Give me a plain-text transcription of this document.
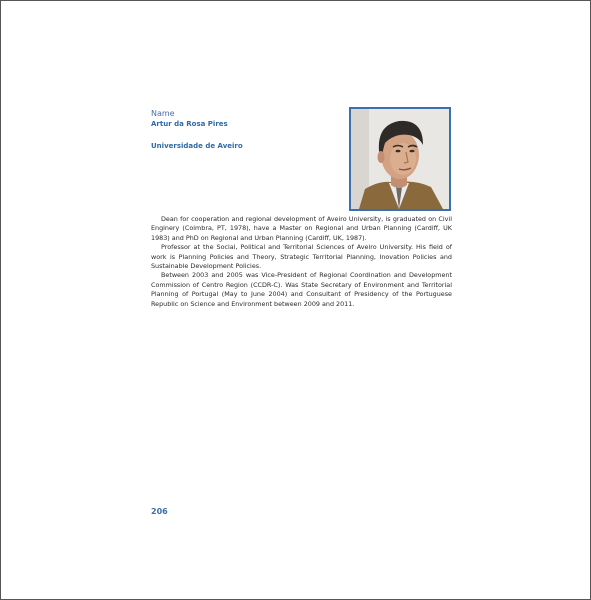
Name
Artur da Rosa Pires
Universidade de Aveiro

Dean for cooperation and regional development of Aveiro University, is graduated on Civil Enginery (Coimbra, PT, 1978), have a Master on Regional and Urban Planning (Cardiff, UK 1983) and PhD on Regional and Urban Planning (Cardiff, UK, 1987).

Professor at the Social, Political and Territorial Sciences of Aveiro University. His field of work is Planning Policies and Theory, Strategic Territorial Planning, Inovation Policies and Sustainable Development Policies.

Between 2003 and 2005 was Vice-President of Regional Coordination and Development Commission of Centro Region (CCDR-C). Was State Secretary of Environment and Territorial Planning of Portugal (May to June 2004) and Consultant of Presidency of the Portuguese Republic on Science and Environment between 2009 and 2011.

206
